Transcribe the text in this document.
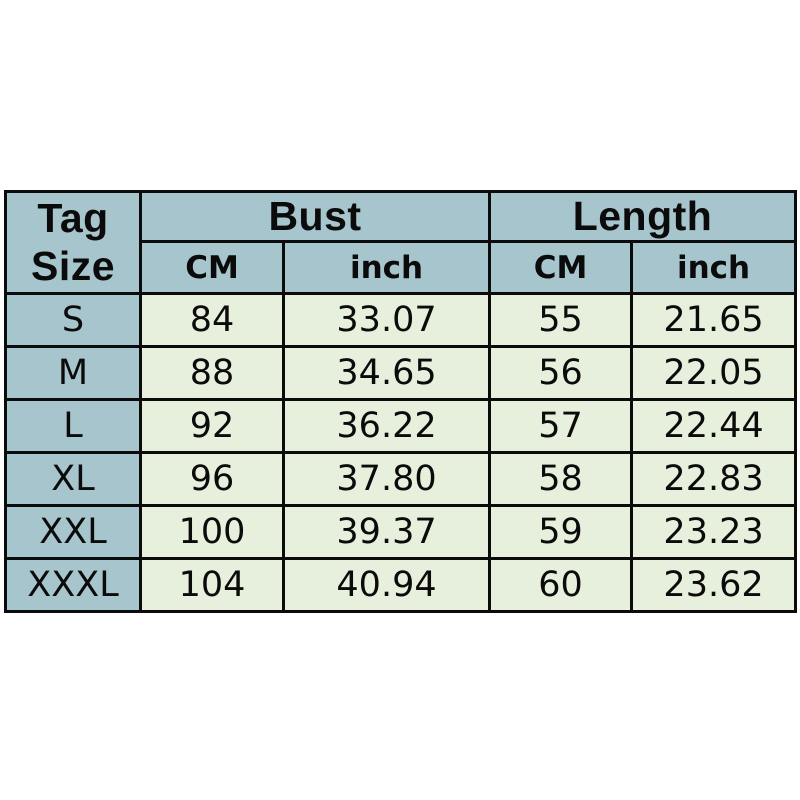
Tag
Size	Bust		Length	
	CM	inch	CM	inch
S	84	33.07	55	21.65
M	88	34.65	56	22.05
L	92	36.22	57	22.44
XL	96	37.80	58	22.83
XXL	100	39.37	59	23.23
XXXL	104	40.94	60	23.62
